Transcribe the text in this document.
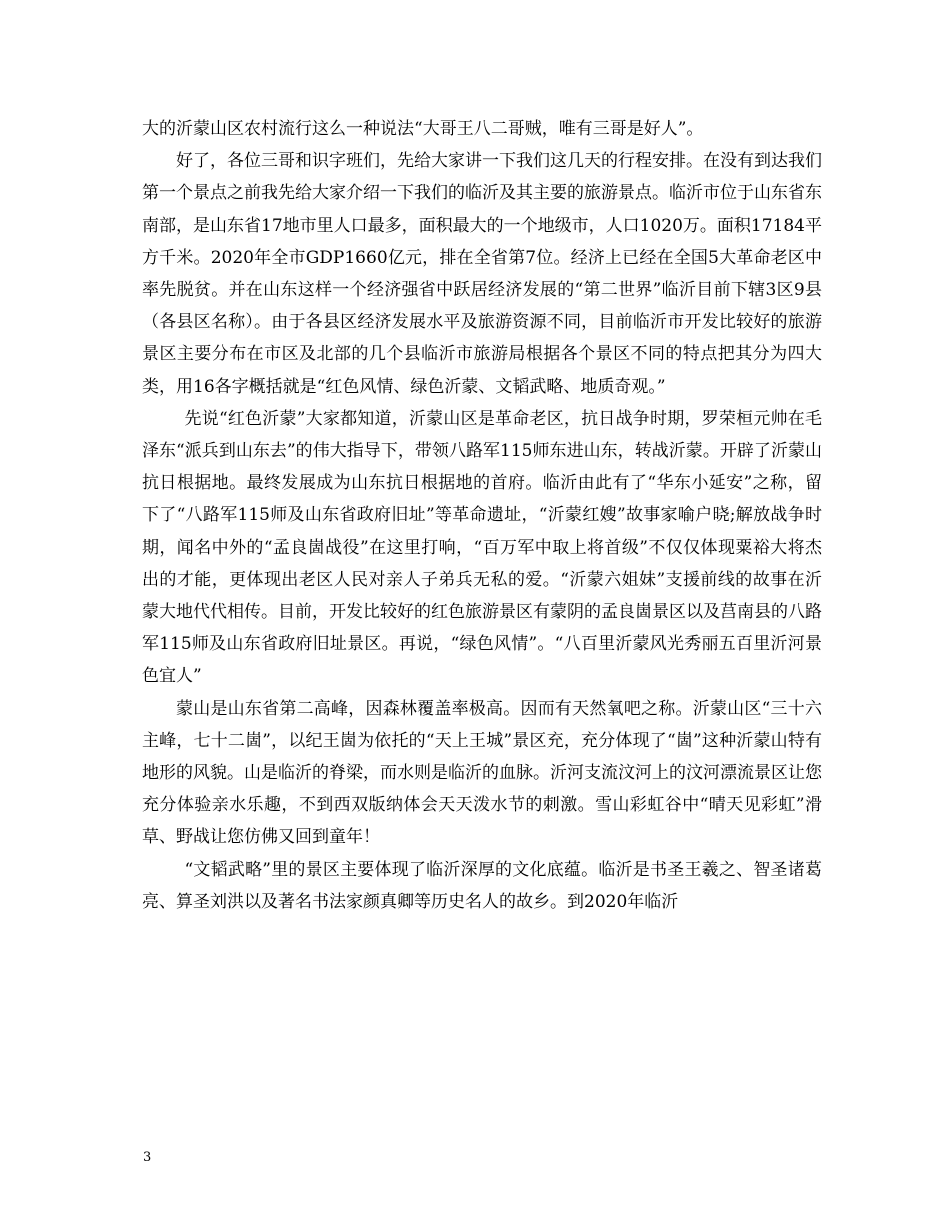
大的沂蒙山区农村流行这么一种说法“大哥王八二哥贼，唯有三哥是好人”。

好了，各位三哥和识字班们，先给大家讲一下我们这几天的行程安排。在没有到达我们第一个景点之前我先给大家介绍一下我们的临沂及其主要的旅游景点。临沂市位于山东省东南部，是山东省17地市里人口最多，面积最大的一个地级市，人口1020万。面积17184平方千米。2020年全市GDP1660亿元，排在全省第7位。经济上已经在全国5大革命老区中率先脱贫。并在山东这样一个经济强省中跃居经济发展的“第二世界”临沂目前下辖3区9县（各县区名称）。由于各县区经济发展水平及旅游资源不同，目前临沂市开发比较好的旅游景区主要分布在市区及北部的几个县临沂市旅游局根据各个景区不同的特点把其分为四大类，用16各字概括就是“红色风情、绿色沂蒙、文韬武略、地质奇观。”

先说“红色沂蒙”大家都知道，沂蒙山区是革命老区，抗日战争时期，罗荣桓元帅在毛泽东“派兵到山东去”的伟大指导下，带领八路军115师东进山东，转战沂蒙。开辟了沂蒙山抗日根据地。最终发展成为山东抗日根据地的首府。临沂由此有了“华东小延安”之称，留下了“八路军115师及山东省政府旧址”等革命遗址，“沂蒙红嫂”故事家喻户晓;解放战争时期，闻名中外的“孟良崮战役”在这里打响，“百万军中取上将首级”不仅仅体现粟裕大将杰出的才能，更体现出老区人民对亲人子弟兵无私的爱。“沂蒙六姐妹”支援前线的故事在沂蒙大地代代相传。目前，开发比较好的红色旅游景区有蒙阴的孟良崮景区以及莒南县的八路军115师及山东省政府旧址景区。再说，“绿色风情”。“八百里沂蒙风光秀丽五百里沂河景色宜人”

蒙山是山东省第二高峰，因森林覆盖率极高。因而有天然氧吧之称。沂蒙山区“三十六主峰，七十二崮”，以纪王崮为依托的“天上王城”景区充，充分体现了“崮”这种沂蒙山特有地形的风貌。山是临沂的脊梁，而水则是临沂的血脉。沂河支流汶河上的汶河漂流景区让您充分体验亲水乐趣，不到西双版纳体会天天泼水节的刺激。雪山彩虹谷中“晴天见彩虹”滑草、野战让您仿佛又回到童年！

“文韬武略”里的景区主要体现了临沂深厚的文化底蕴。临沂是书圣王羲之、智圣诸葛亮、算圣刘洪以及著名书法家颜真卿等历史名人的故乡。到2020年临沂

3
